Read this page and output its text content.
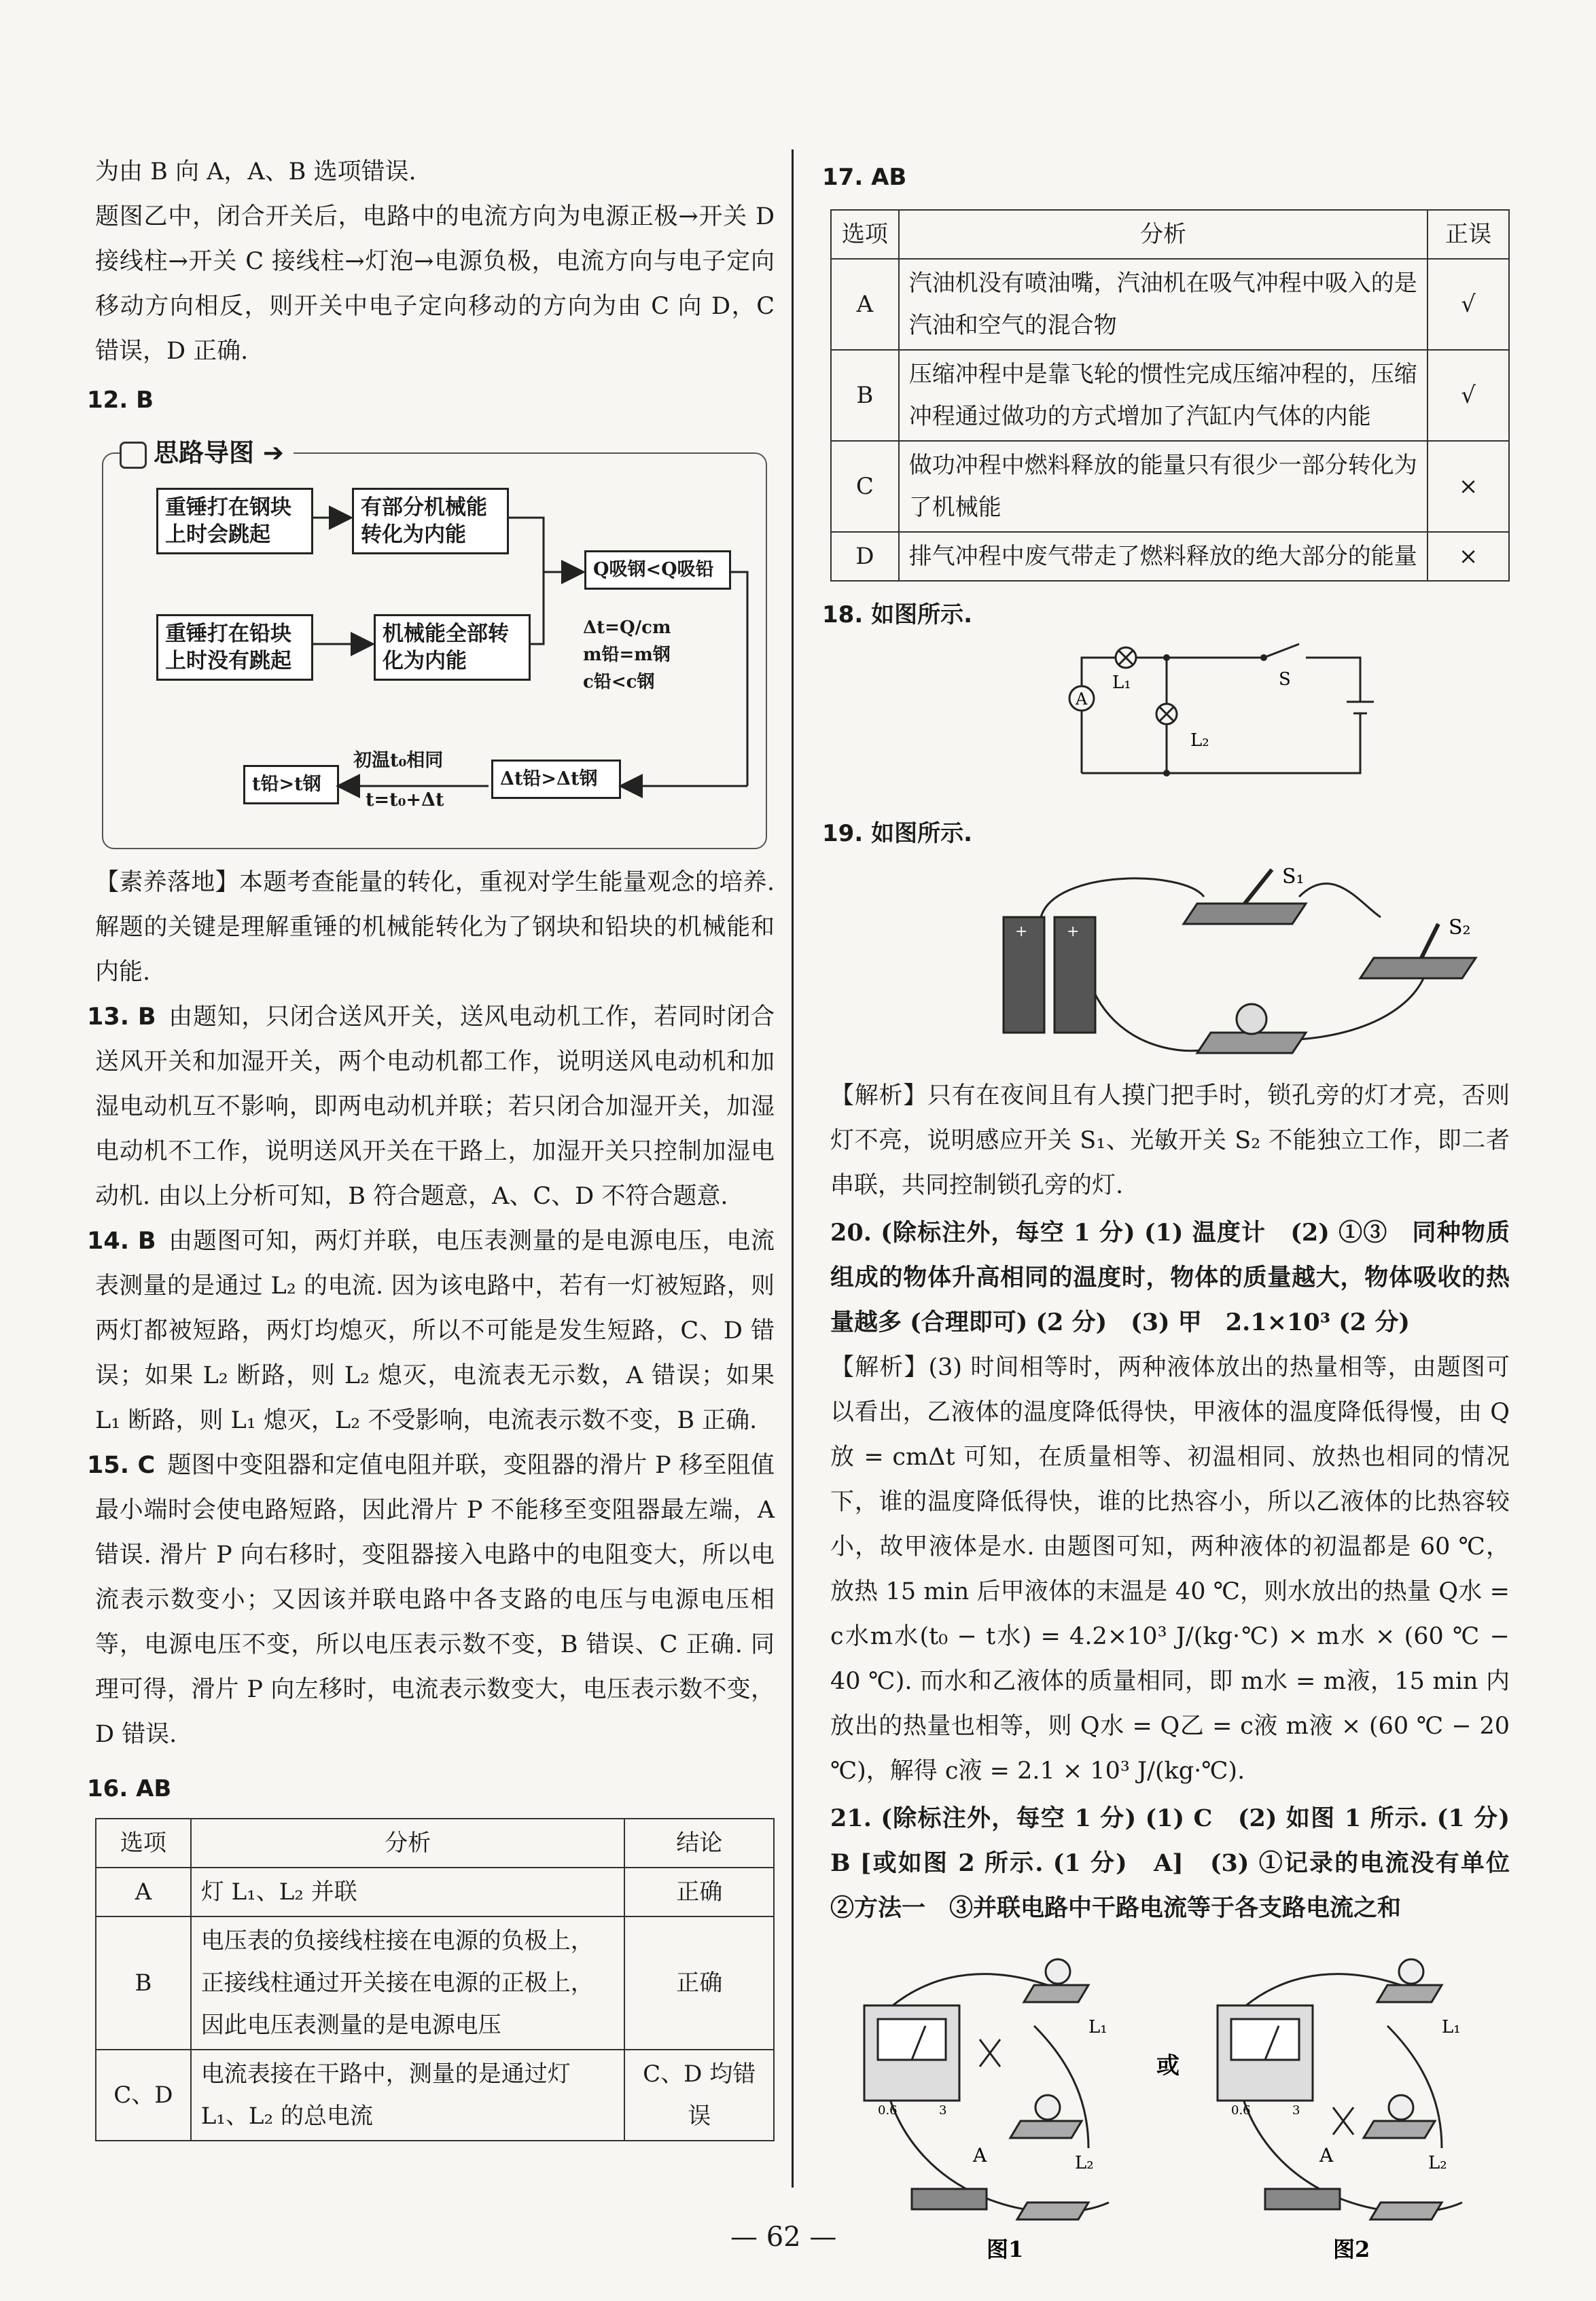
为由 B 向 A，A、B 选项错误.

题图乙中，闭合开关后，电路中的电流方向为电源正极→开关 D 接线柱→开关 C 接线柱→灯泡→电源负极，电流方向与电子定向移动方向相反，则开关中电子定向移动的方向为由 C 向 D，C 错误，D 正确.

12. B
思路导图 ➔
重锤打在钢块上时会跳起
有部分机械能转化为内能
重锤打在铅块上时没有跳起
机械能全部转化为内能
Q吸钢<Q吸铅
Δt=Q/cm
m铅=m钢
c铅<c钢
Δt铅>Δt钢
t铅>t钢
初温t₀相同
t=t₀+Δt

【素养落地】本题考查能量的转化，重视对学生能量观念的培养. 解题的关键是理解重锤的机械能转化为了钢块和铅块的机械能和内能.

13. B 由题知，只闭合送风开关，送风电动机工作，若同时闭合送风开关和加湿开关，两个电动机都工作，说明送风电动机和加湿电动机互不影响，即两电动机并联；若只闭合加湿开关，加湿电动机不工作，说明送风开关在干路上，加湿开关只控制加湿电动机. 由以上分析可知，B 符合题意，A、C、D 不符合题意.

14. B 由题图可知，两灯并联，电压表测量的是电源电压，电流表测量的是通过 L₂ 的电流. 因为该电路中，若有一灯被短路，则两灯都被短路，两灯均熄灭，所以不可能是发生短路，C、D 错误；如果 L₂ 断路，则 L₂ 熄灭，电流表无示数，A 错误；如果 L₁ 断路，则 L₁ 熄灭，L₂ 不受影响，电流表示数不变，B 正确.

15. C 题图中变阻器和定值电阻并联，变阻器的滑片 P 移至阻值最小端时会使电路短路，因此滑片 P 不能移至变阻器最左端，A 错误. 滑片 P 向右移时，变阻器接入电路中的电阻变大，所以电流表示数变小；又因该并联电路中各支路的电压与电源电压相等，电源电压不变，所以电压表示数不变，B 错误、C 正确. 同理可得，滑片 P 向左移时，电流表示数变大，电压表示数不变，D 错误.

16. AB
选项	分析	结论
A	灯 L₁、L₂ 并联	正确
B	电压表的负接线柱接在电源的负极上，正接线柱通过开关接在电源的正极上，因此电压表测量的是电源电压	正确
C、D	电流表接在干路中，测量的是通过灯 L₁、L₂ 的总电流	C、D 均错误
17. AB
选项	分析	正误
A	汽油机没有喷油嘴，汽油机在吸气冲程中吸入的是汽油和空气的混合物	√
B	压缩冲程中是靠飞轮的惯性完成压缩冲程的，压缩冲程通过做功的方式增加了汽缸内气体的内能	√
C	做功冲程中燃料释放的能量只有很少一部分转化为了机械能	×
D	排气冲程中废气带走了燃料释放的绝大部分的能量	×
18. 如图所示.
L₁	S
A
L₂
19. 如图所示.
+	+
S₁
S₂

【解析】只有在夜间且有人摸门把手时，锁孔旁的灯才亮，否则灯不亮，说明感应开关 S₁、光敏开关 S₂ 不能独立工作，即二者串联，共同控制锁孔旁的灯.

20. (除标注外，每空 1 分) (1) 温度计　(2) ①③　同种物质组成的物体升高相同的温度时，物体的质量越大，物体吸收的热量越多 (合理即可) (2 分)　(3) 甲　2.1×10³ (2 分)

【解析】(3) 时间相等时，两种液体放出的热量相等，由题图可以看出，乙液体的温度降低得快，甲液体的温度降低得慢，由 Q放 = cmΔt 可知，在质量相等、初温相同、放热也相同的情况下，谁的温度降低得快，谁的比热容小，所以乙液体的比热容较小，故甲液体是水. 由题图可知，两种液体的初温都是 60 ℃，放热 15 min 后甲液体的末温是 40 ℃，则水放出的热量 Q水 = c水m水(t₀ − t水) = 4.2×10³ J/(kg·℃) × m水 × (60 ℃ − 40 ℃). 而水和乙液体的质量相同，即 m水 = m液，15 min 内放出的热量也相等，则 Q水 = Q乙 = c液 m液 × (60 ℃ − 20 ℃)，解得 c液 = 2.1 × 10³ J/(kg·℃).

21. (除标注外，每空 1 分) (1) C　(2) 如图 1 所示. (1 分)　B [或如图 2 所示. (1 分)　A]　(3) ①记录的电流没有单位　②方法一　③并联电路中干路电流等于各支路电流之和

A
L₁
L₂
0.6	3
或
A
L₁
L₂
0.6	3
图1	图2
— 62 —
